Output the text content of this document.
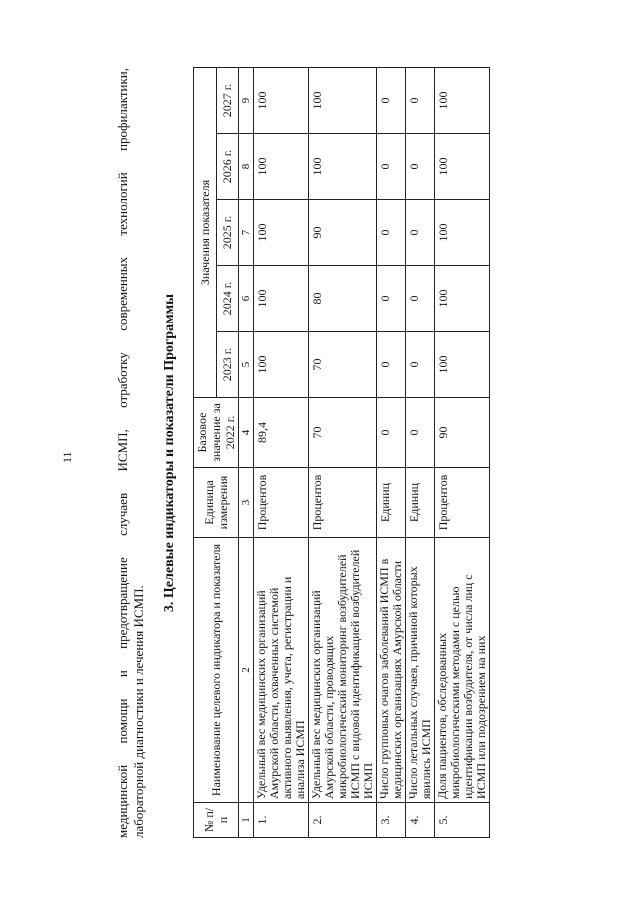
11	медицинской помощи и предотвращение случаев ИСМП, отработку современных технологий профилактики, лабораторной диагностики и лечения ИСМП.
3. Целевые индикаторы и показатели Программы
№ п/п	Наименование целевого индикатора и показателя	Единица измерения	Базовое значение за 2022 г.	Значения показателя				
				2023 г.	2024 г.	2025 г.	2026 г.	2027 г.
1	2	3	4	5	6	7	8	9
1.	Удельный вес медицинских организаций Амурской области, охваченных системой активного выявления, учета, регистрации и анализа ИСМП	Процентов	89,4	100	100	100	100	100
2.	Удельный вес медицинских организаций Амурской области, проводящих микробиологический мониторинг возбудителей ИСМП с видовой идентификацией возбудителей ИСМП	Процентов	70	70	80	90	100	100
3.	Число групповых очагов заболеваний ИСМП в медицинских организациях Амурской области	Единиц	0	0	0	0	0	0
4.	Число летальных случаев, причиной которых явились ИСМП	Единиц	0	0	0	0	0	0
5.	Доля пациентов, обследованных микробиологическими методами с целью идентификации возбудителя, от числа лиц с ИСМП или подозрением на них	Процентов	90	100	100	100	100	100
